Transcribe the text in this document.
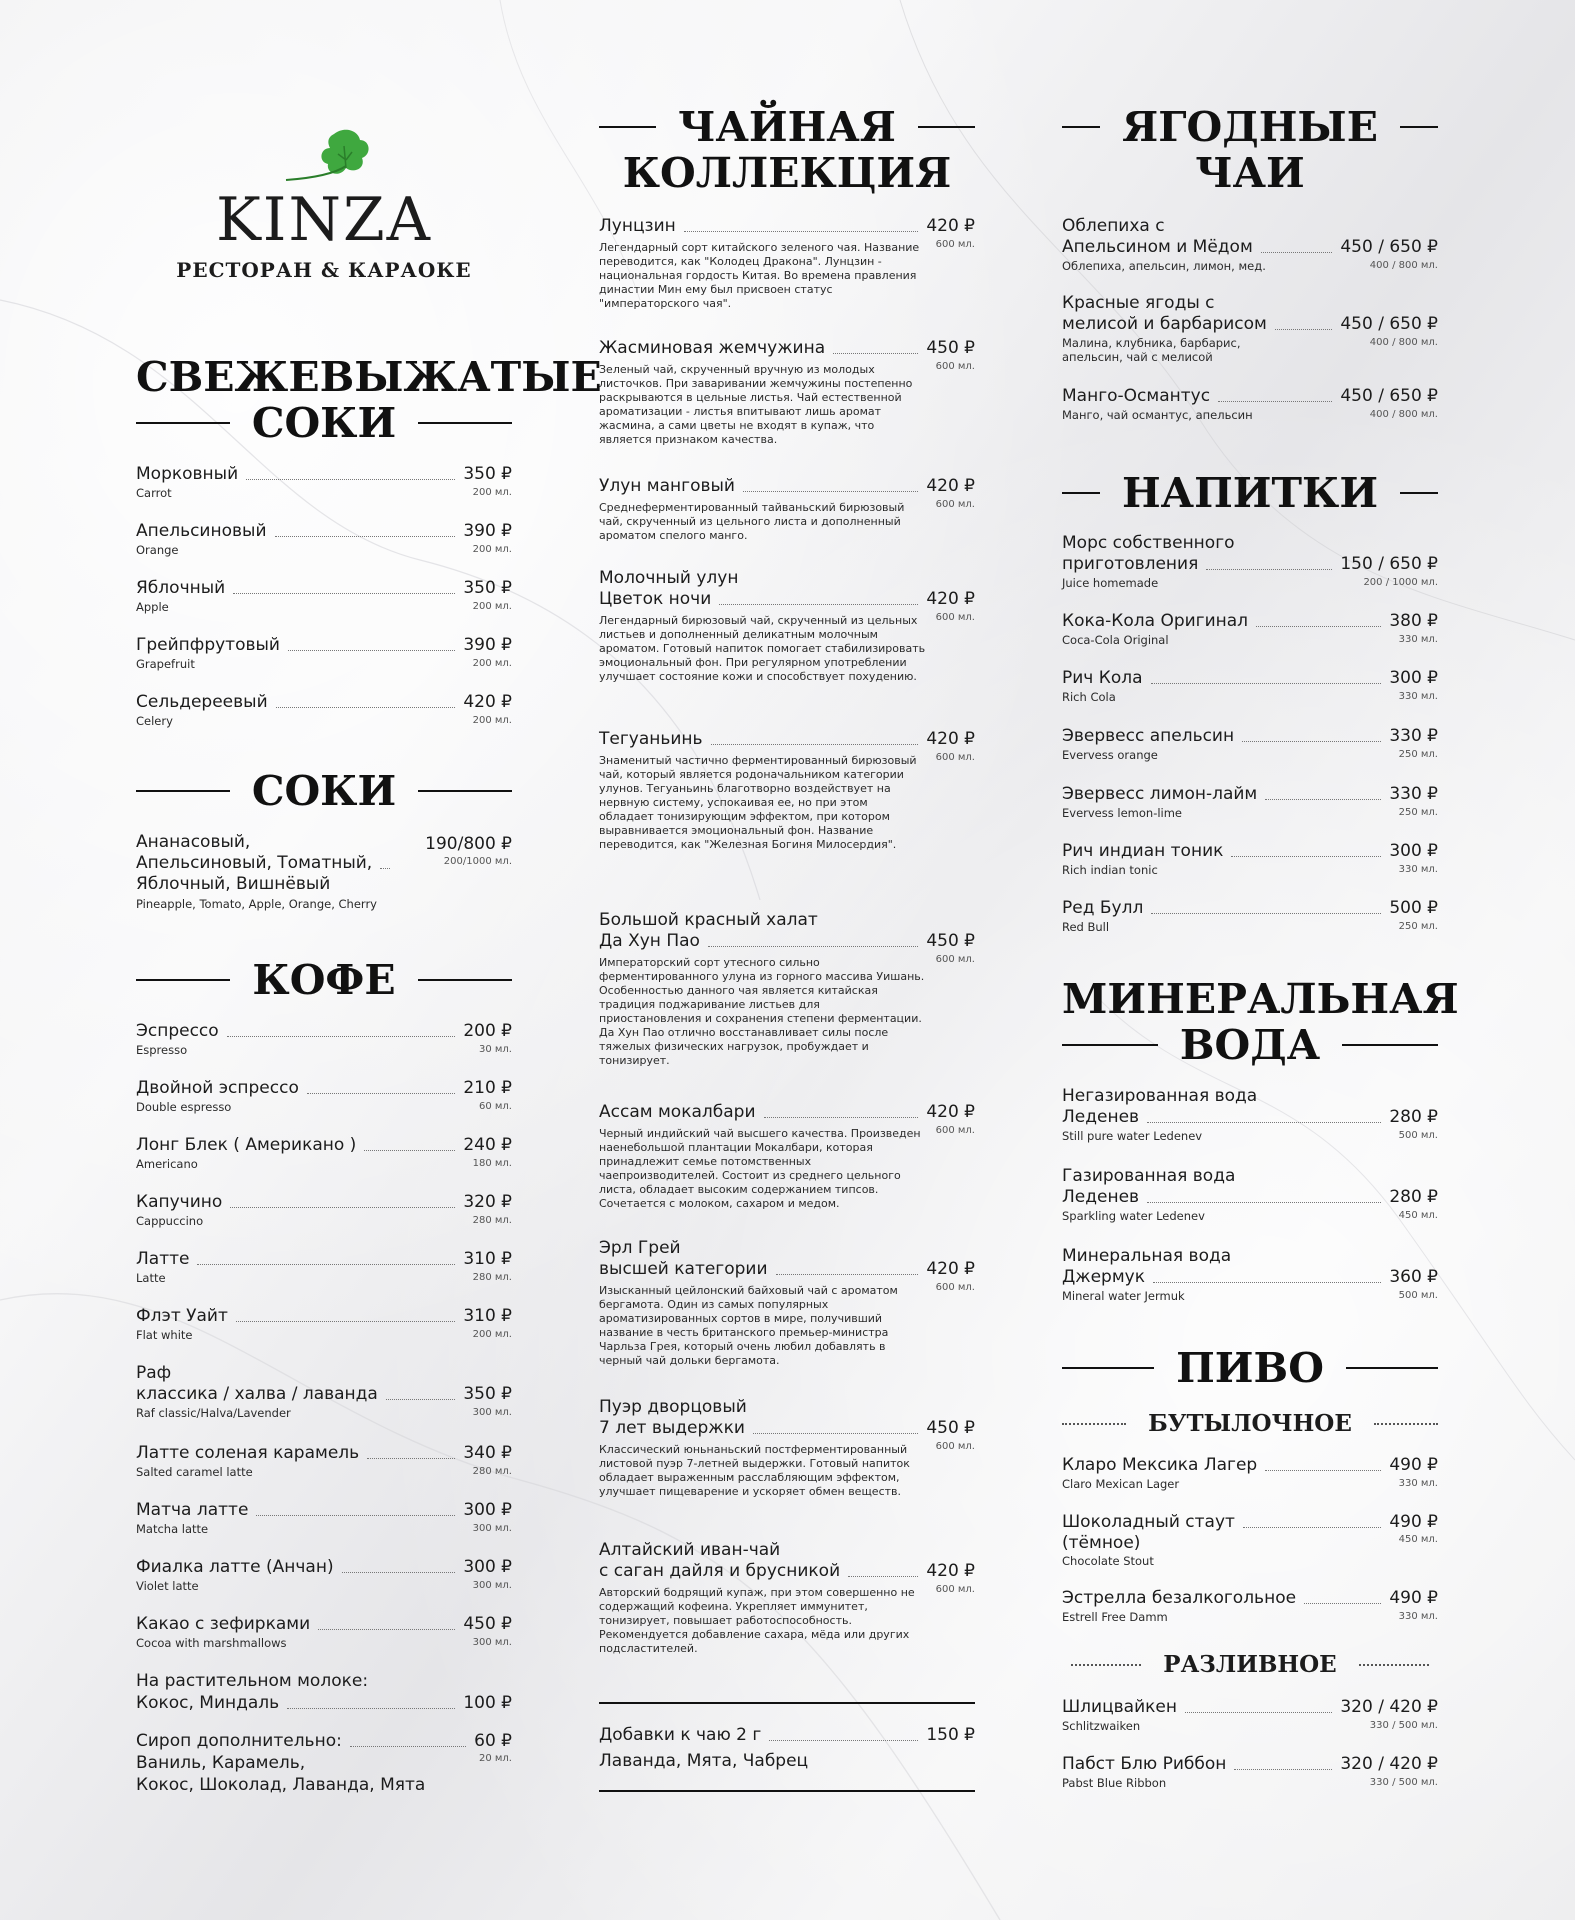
KINZA
РЕСТОРАН & КАРАОКЕ
СВЕЖЕВЫЖАТЫЕ
СОКИ
Морковный	350 ₽
Carrot	200 мл.
Апельсиновый	390 ₽
Orange	200 мл.
Яблочный	350 ₽
Apple	200 мл.
Грейпфрутовый	390 ₽
Grapefruit	200 мл.
Сельдереевый	420 ₽
Celery	200 мл.
СОКИ
Ананасовый,
Апельсиновый, Томатный,
Яблочный, Вишнёвый
Pineapple, Tomato, Apple, Orange, Cherry
190/800 ₽
200/1000 мл.
КОФЕ
Эспрессо	200 ₽
Espresso	30 мл.
Двойной эспрессо	210 ₽
Double espresso	60 мл.
Лонг Блек ( Американо )	240 ₽
Americano	180 мл.
Капучино	320 ₽
Cappuccino	280 мл.
Латте	310 ₽
Latte	280 мл.
Флэт Уайт	310 ₽
Flat white	200 мл.
Раф
классика / халва / лаванда	350 ₽
Raf classic/Halva/Lavender	300 мл.
Латте соленая карамель	340 ₽
Salted caramel latte	280 мл.
Матча латте	300 ₽
Matcha latte	300 мл.
Фиалка латте (Анчан)	300 ₽
Violet latte	300 мл.
Какао с зефирками	450 ₽
Cocoa with marshmallows	300 мл.
На растительном молоке:
Кокос, Миндаль	100 ₽
Сироп дополнительно:	60 ₽
Ваниль, Карамель,	20 мл.
Кокос, Шоколад, Лаванда, Мята
ЧАЙНАЯ
КОЛЛЕКЦИЯ
Лунцзин	420 ₽
Легендарный сорт китайского зеленого чая. Название переводится, как "Колодец Дракона". Лунцзин - национальная гордость Китая. Во времена правления династии Мин ему был присвоен статус "императорского чая".
600 мл.
Жасминовая жемчужина	450 ₽
Зеленый чай, скрученный вручную из молодых листочков. При заваривании жемчужины постепенно раскрываются в цельные листья. Чай естественной ароматизации - листья впитывают лишь аромат жасмина, а сами цветы не входят в купаж, что является признаком качества.
600 мл.
Улун манговый	420 ₽
Среднеферментированный тайваньский бирюзовый чай, скрученный из цельного листа и дополненный ароматом спелого манго.
600 мл.
Молочный улун
Цветок ночи	420 ₽
Легендарный бирюзовый чай, скрученный из цельных листьев и дополненный деликатным молочным ароматом. Готовый напиток помогает стабилизировать эмоциональный фон. При регулярном употреблении улучшает состояние кожи и способствует похудению.
600 мл.
Тегуаньинь	420 ₽
Знаменитый частично ферментированный бирюзовый чай, который является родоначальником категории улунов. Тегуаньинь благотворно воздействует на нервную систему, успокаивая ее, но при этом обладает тонизирующим эффектом, при котором выравнивается эмоциональный фон. Название переводится, как "Железная Богиня Милосердия".
600 мл.
Большой красный халат
Да Хун Пао	450 ₽
Императорский сорт утесного сильно ферментированного улуна из горного массива Уишань. Особенностью данного чая является китайская традиция поджаривание листьев для приостановления и сохранения степени ферментации. Да Хун Пао отлично восстанавливает силы после тяжелых физических нагрузок, пробуждает и тонизирует.
600 мл.
Ассам мокалбари	420 ₽
Черный индийский чай высшего качества. Произведен наенебольшой плантации Мокалбари, которая принадлежит семье потомственных чаепроизводителей. Состоит из среднего цельного листа, обладает высоким содержанием типсов. Сочетается с молоком, сахаром и медом.
600 мл.
Эрл Грей
высшей категории	420 ₽
Изысканный цейлонский байховый чай с ароматом бергамота. Один из самых популярных ароматизированных сортов в мире, получивший название в честь британского премьер-министра Чарльза Грея, который очень любил добавлять в черный чай дольки бергамота.
600 мл.
Пуэр дворцовый
7 лет выдержки	450 ₽
Классический юньнаньский постферментированный листовой пуэр 7-летней выдержки. Готовый напиток обладает выраженным расслабляющим эффектом, улучшает пищеварение и ускоряет обмен веществ.
600 мл.
Алтайский иван-чай
с саган дайля и брусникой	420 ₽
Авторский бодрящий купаж, при этом совершенно не содержащий кофеина. Укрепляет иммунитет, тонизирует, повышает работоспособность. Рекомендуется добавление сахара, мёда или других подсластителей.
600 мл.
Добавки к чаю 2 г	150 ₽
Лаванда, Мята, Чабрец
ЯГОДНЫЕ
ЧАИ
Облепиха с
Апельсином и Мёдом	450 / 650 ₽
Облепиха, апельсин, лимон, мед.	400 / 800 мл.
Красные ягоды с
мелисой и барбарисом	450 / 650 ₽
Малина, клубника, барбарис, апельсин, чай с мелисой
400 / 800 мл.
Манго-Османтус	450 / 650 ₽
Манго, чай османтус, апельсин	400 / 800 мл.
НАПИТКИ
Морс собственного
приготовления	150 / 650 ₽
Juice homemade	200 / 1000 мл.
Кока-Кола Оригинал	380 ₽
Coca-Cola Original	330 мл.
Рич Кола	300 ₽
Rich Cola	330 мл.
Эвервесс апельсин	330 ₽
Evervess orange	250 мл.
Эвервесс лимон-лайм	330 ₽
Evervess lemon-lime	250 мл.
Рич индиан тоник	300 ₽
Rich indian tonic	330 мл.
Ред Булл	500 ₽
Red Bull	250 мл.
МИНЕРАЛЬНАЯ
ВОДА
Негазированная вода
Леденев	280 ₽
Still pure water Ledenev	500 мл.
Газированная вода
Леденев	280 ₽
Sparkling water Ledenev	450 мл.
Минеральная вода
Джермук	360 ₽
Mineral water Jermuk	500 мл.
ПИВО
БУТЫЛОЧНОЕ
Кларо Мексика Лагер	490 ₽
Claro Mexican Lager	330 мл.
Шоколадный стаут	490 ₽
(тёмное)	450 мл.
Chocolate Stout
Эстрелла безалкогольное	490 ₽
Estrell Free Damm	330 мл.
РАЗЛИВНОЕ
Шлицвайкен	320 / 420 ₽
Schlitzwaiken	330 / 500 мл.
Пабст Блю Риббон	320 / 420 ₽
Pabst Blue Ribbon	330 / 500 мл.
